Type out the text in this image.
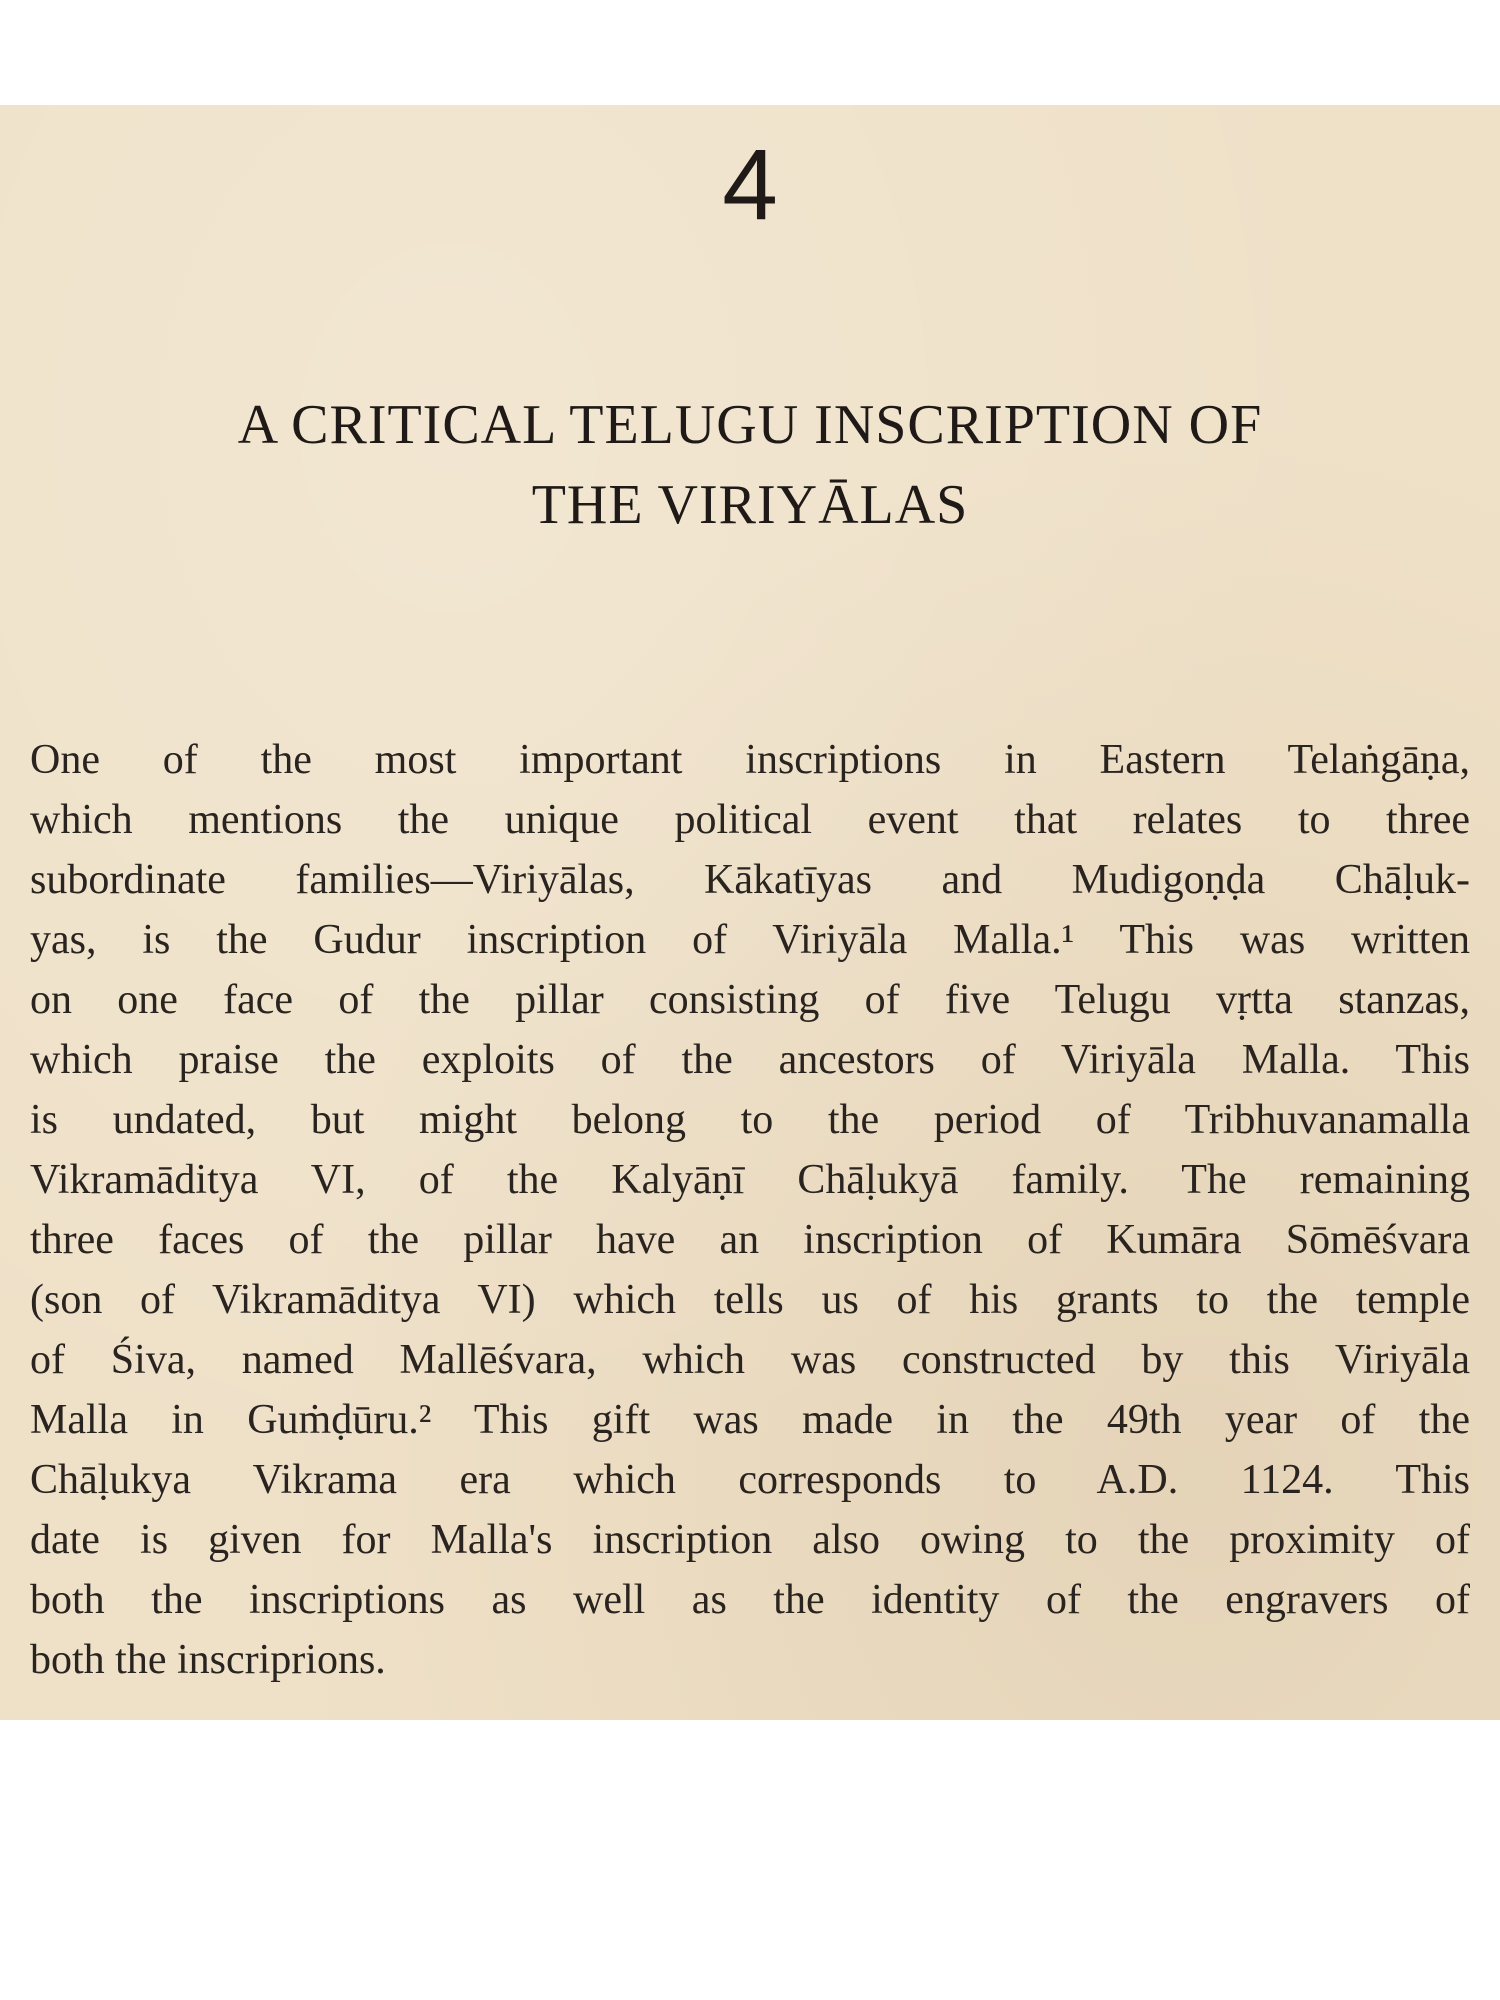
4
A CRITICAL TELUGU INSCRIPTION OF
THE VIRIYĀLAS
One of the most important inscriptions in Eastern Telaṅgāṇa,
which mentions the unique political event that relates to three
subordinate families—Viriyālas, Kākatīyas and Mudigoṇḍa Chāḷuk-
yas, is the Gudur inscription of Viriyāla Malla.¹ This was written
on one face of the pillar consisting of five Telugu vṛtta stanzas,
which praise the exploits of the ancestors of Viriyāla Malla. This
is undated, but might belong to the period of Tribhuvanamalla
Vikramāditya VI, of the Kalyāṇī Chāḷukyā family. The remaining
three faces of the pillar have an inscription of Kumāra Sōmēśvara
(son of Vikramāditya VI) which tells us of his grants to the temple
of Śiva, named Mallēśvara, which was constructed by this Viriyāla
Malla in Guṁḍūru.² This gift was made in the 49th year of the
Chāḷukya Vikrama era which corresponds to A.D. 1124. This
date is given for Malla's inscription also owing to the proximity of
both the inscriptions as well as the identity of the engravers of
both the inscriprions.
